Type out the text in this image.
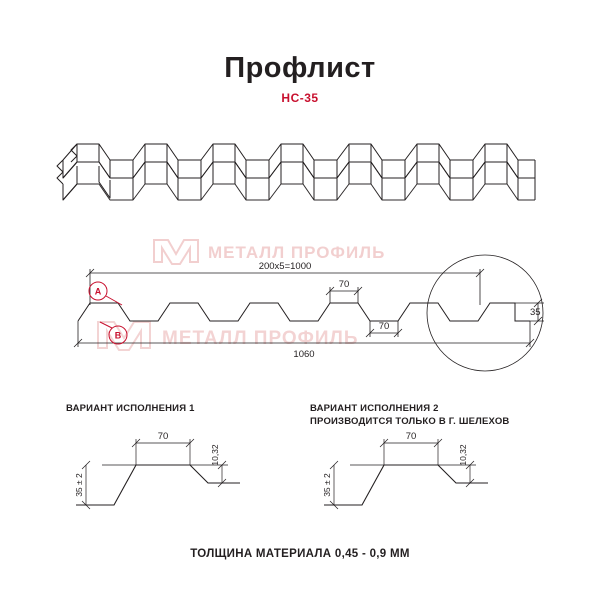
Профлист
НС-35
МЕТАЛЛ ПРОФИЛЬ
МЕТАЛЛ ПРОФИЛЬ
200x5=1000
1060
70
70
35
А
В
ВАРИАНТ ИСПОЛНЕНИЯ 1	ВАРИАНТ ИСПОЛНЕНИЯ 2
ПРОИЗВОДИТСЯ ТОЛЬКО В Г. ШЕЛЕХОВ
70
35 ± 2
10,32
70
35 ± 2
10,32
ТОЛЩИНА МАТЕРИАЛА 0,45 - 0,9 ММ
